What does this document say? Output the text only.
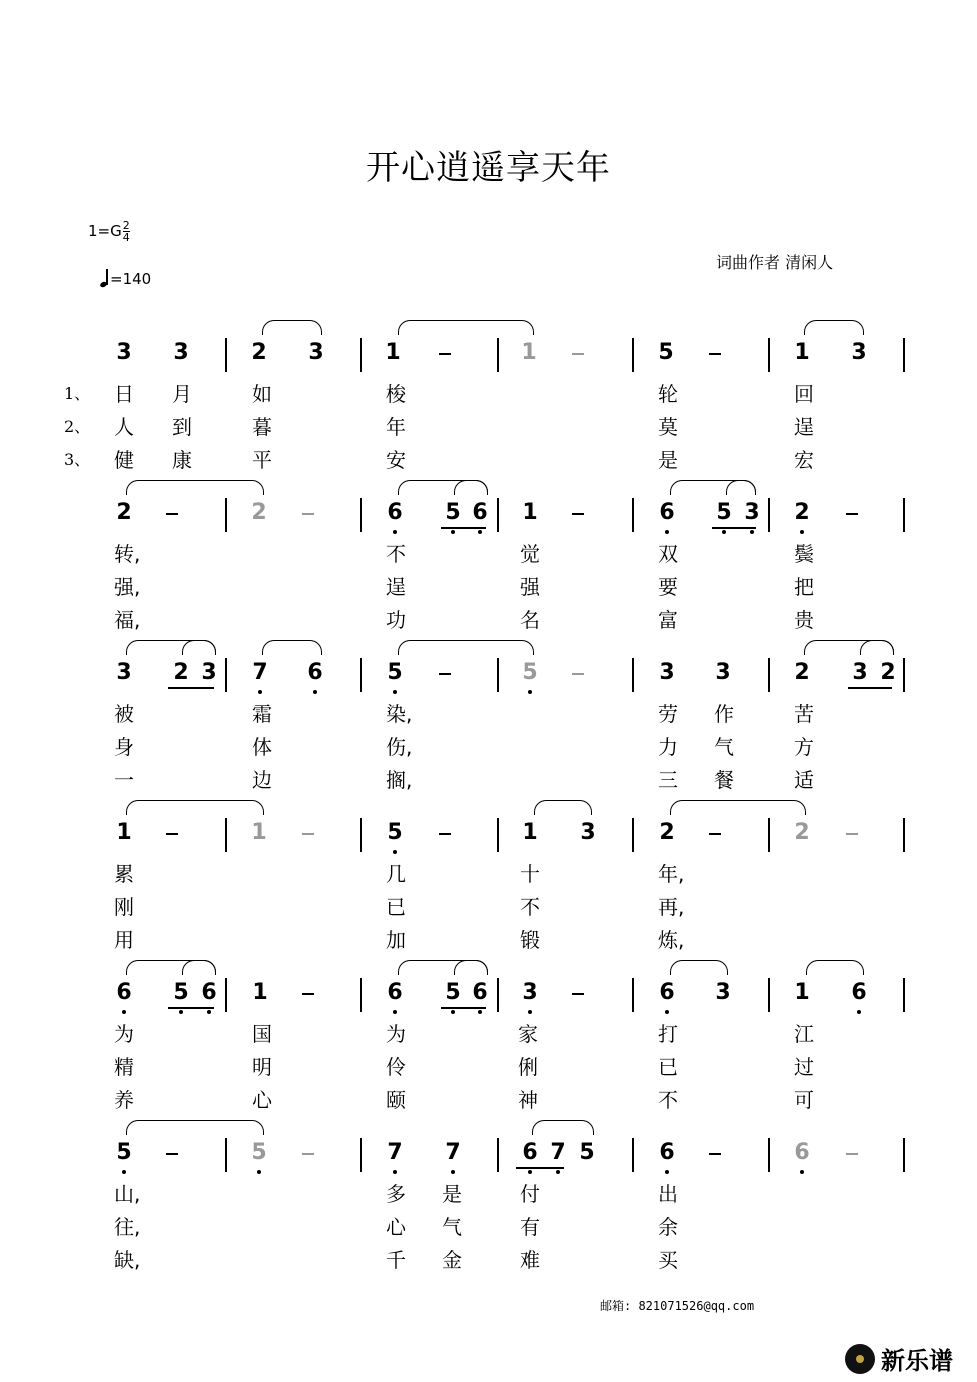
开心逍遥享天年
$1=G \frac{2}{4}$
=140
词曲作者 清闲人
3 3	2 3	1	1	5	1 3
1、 日 月	如	梭	轮	回
2、 人 到	暮	年	莫	逞
3、 健 康	平	安	是	宏
2	2	6 5 6 1	6 5 3 2
转,	不	觉	双	鬓
强,	逞	强	要	把
福,	功	名	富	贵
3 2 3 7 6	5	5	3 3	2 3 2
被	霜	染,	劳 作	苦
身	体	伤,	力 气	方
一	边	搁,	三 餐	适
1	1	5	1 3	2	2
累	几	十	年,
刚	已	不	再,
用	加	锻	炼,
6 5 6 1	6 5 6 3	6 3	1 6
为	国	为	家	打	江
精	明	伶	俐	已	过
养	心	颐	神	不	可
5	5	7 7	6 7 5	6	6
山,	多 是	付	出
往,	心 气	有	余
缺,	千 金	难	买
邮箱: 821071526@qq.com
新乐谱
